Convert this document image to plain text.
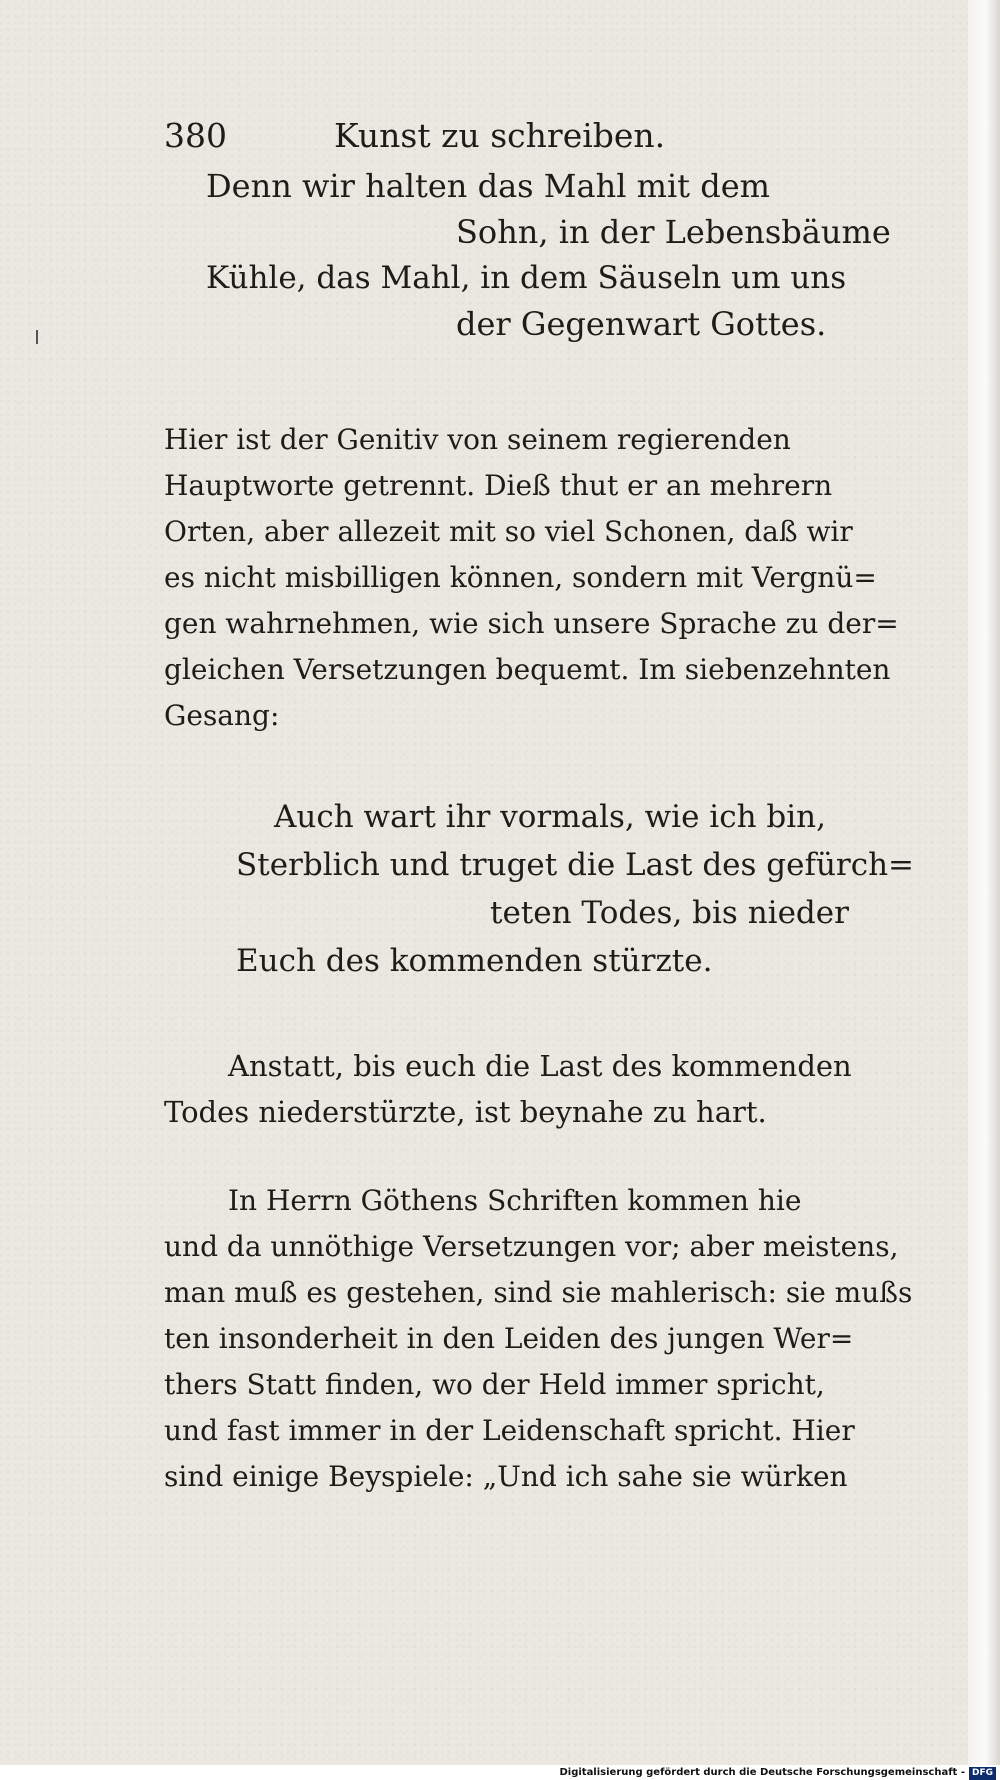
380	Kunst zu schreiben.
Denn wir halten das Mahl mit dem
Sohn, in der Lebensbäume
Kühle, das Mahl, in dem Säuseln um uns
der Gegenwart Gottes.
Hier ist der Genitiv von seinem regierenden
Hauptworte getrennt. Dieß thut er an mehrern
Orten, aber allezeit mit so viel Schonen, daß wir
es nicht misbilligen können, sondern mit Vergnü=
gen wahrnehmen, wie sich unsere Sprache zu der=
gleichen Versetzungen bequemt. Im siebenzehnten
Gesang:
Auch wart ihr vormals, wie ich bin,
Sterblich und truget die Last des gefürch=
teten Todes, bis nieder
Euch des kommenden stürzte.
Anstatt, bis euch die Last des kommenden
Todes niederstürzte, ist beynahe zu hart.
In Herrn Göthens Schriften kommen hie
und da unnöthige Versetzungen vor; aber meistens,
man muß es gestehen, sind sie mahlerisch: sie mußs
ten insonderheit in den Leiden des jungen Wer=
thers Statt finden, wo der Held immer spricht,
und fast immer in der Leidenschaft spricht. Hier
sind einige Beyspiele: „Und ich sahe sie würken
Digitalisierung gefördert durch die Deutsche Forschungsgemeinschaft - DFG
